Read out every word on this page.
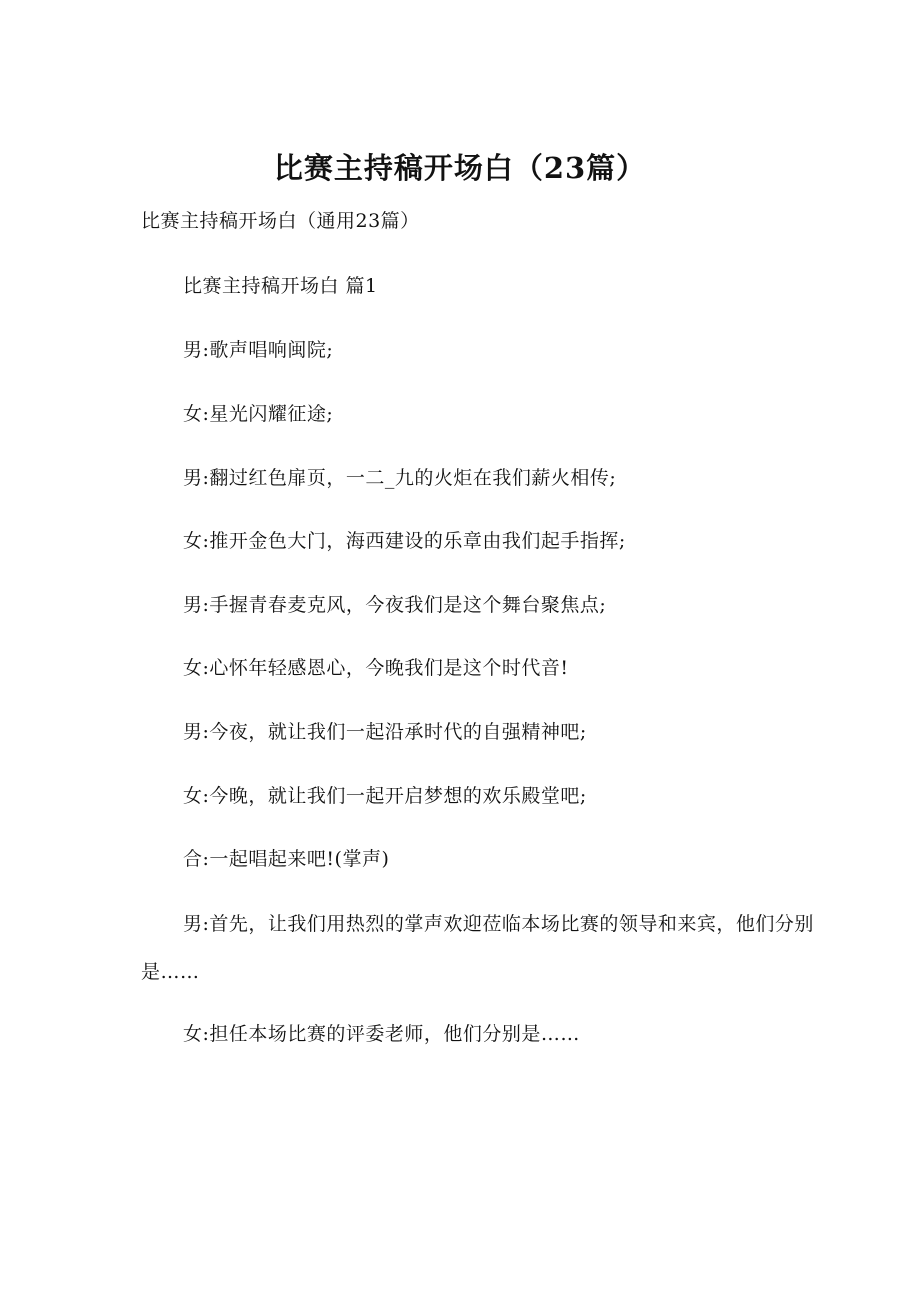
比赛主持稿开场白（23篇）
比赛主持稿开场白（通用23篇）
比赛主持稿开场白 篇1
男:歌声唱响闽院;
女:星光闪耀征途;
男:翻过红色扉页，一二_九的火炬在我们薪火相传;
女:推开金色大门，海西建设的乐章由我们起手指挥;
男:手握青春麦克风，今夜我们是这个舞台聚焦点;
女:心怀年轻感恩心，今晚我们是这个时代音!
男:今夜，就让我们一起沿承时代的自强精神吧;
女:今晚，就让我们一起开启梦想的欢乐殿堂吧;
合:一起唱起来吧!(掌声)
男:首先，让我们用热烈的掌声欢迎莅临本场比赛的领导和来宾，他们分别是……
女:担任本场比赛的评委老师，他们分别是……
